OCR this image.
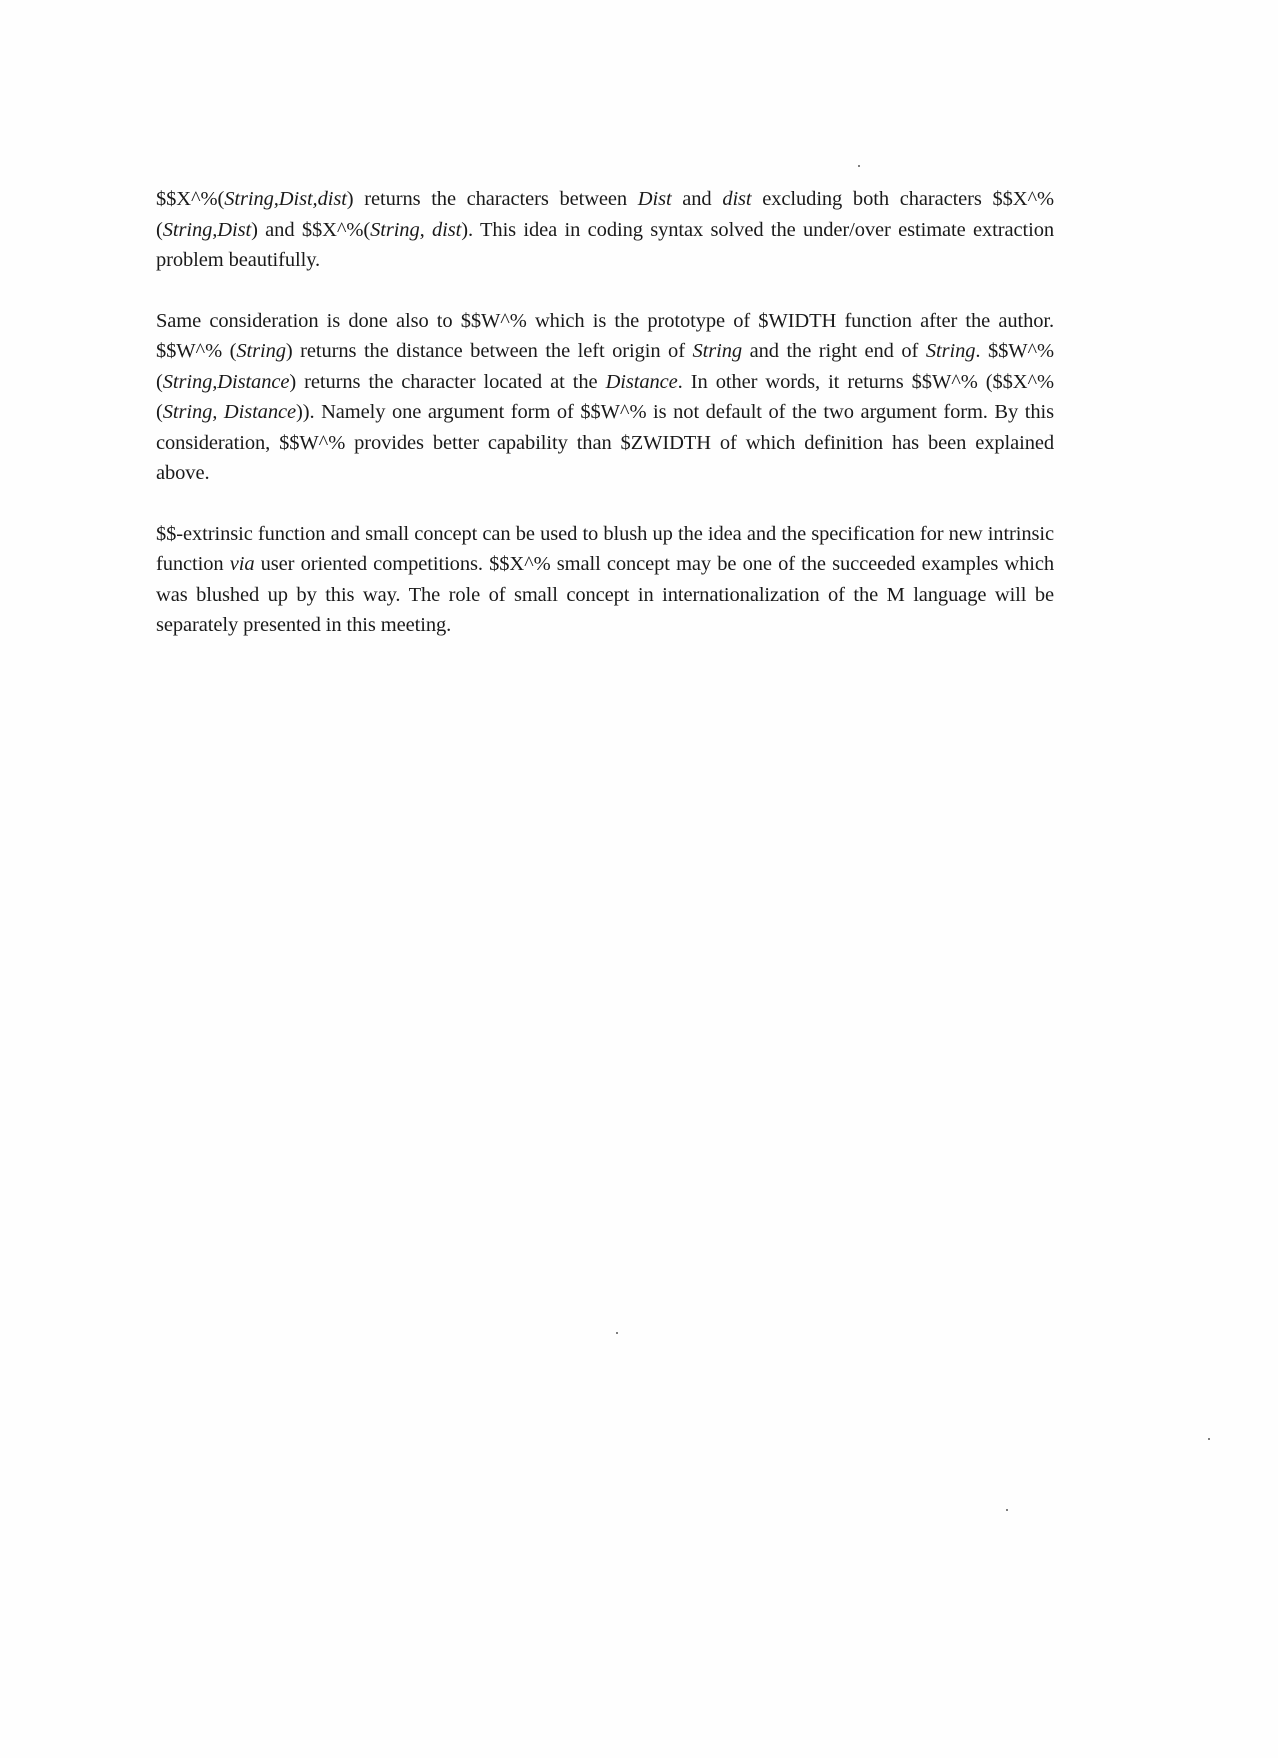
$$X^%(String,Dist,dist) returns the characters between Dist and dist excluding both characters $$X^%(String,Dist) and $$X^%(String, dist). This idea in coding syntax solved the under/over estimate extraction problem beautifully.

Same consideration is done also to $$W^% which is the prototype of $WIDTH function after the author. $$W^% (String) returns the distance between the left origin of String and the right end of String. $$W^% (String,Distance) returns the character located at the Distance. In other words, it returns $$W^% ($$X^%(String, Distance)). Namely one argument form of $$W^% is not default of the two argument form. By this consideration, $$W^% provides better capability than $ZWIDTH of which definition has been explained above.

$$-extrinsic function and small concept can be used to blush up the idea and the specification for new intrinsic function via user oriented competitions. $$X^% small concept may be one of the succeeded examples which was blushed up by this way. The role of small concept in internationalization of the M language will be separately presented in this meeting.
